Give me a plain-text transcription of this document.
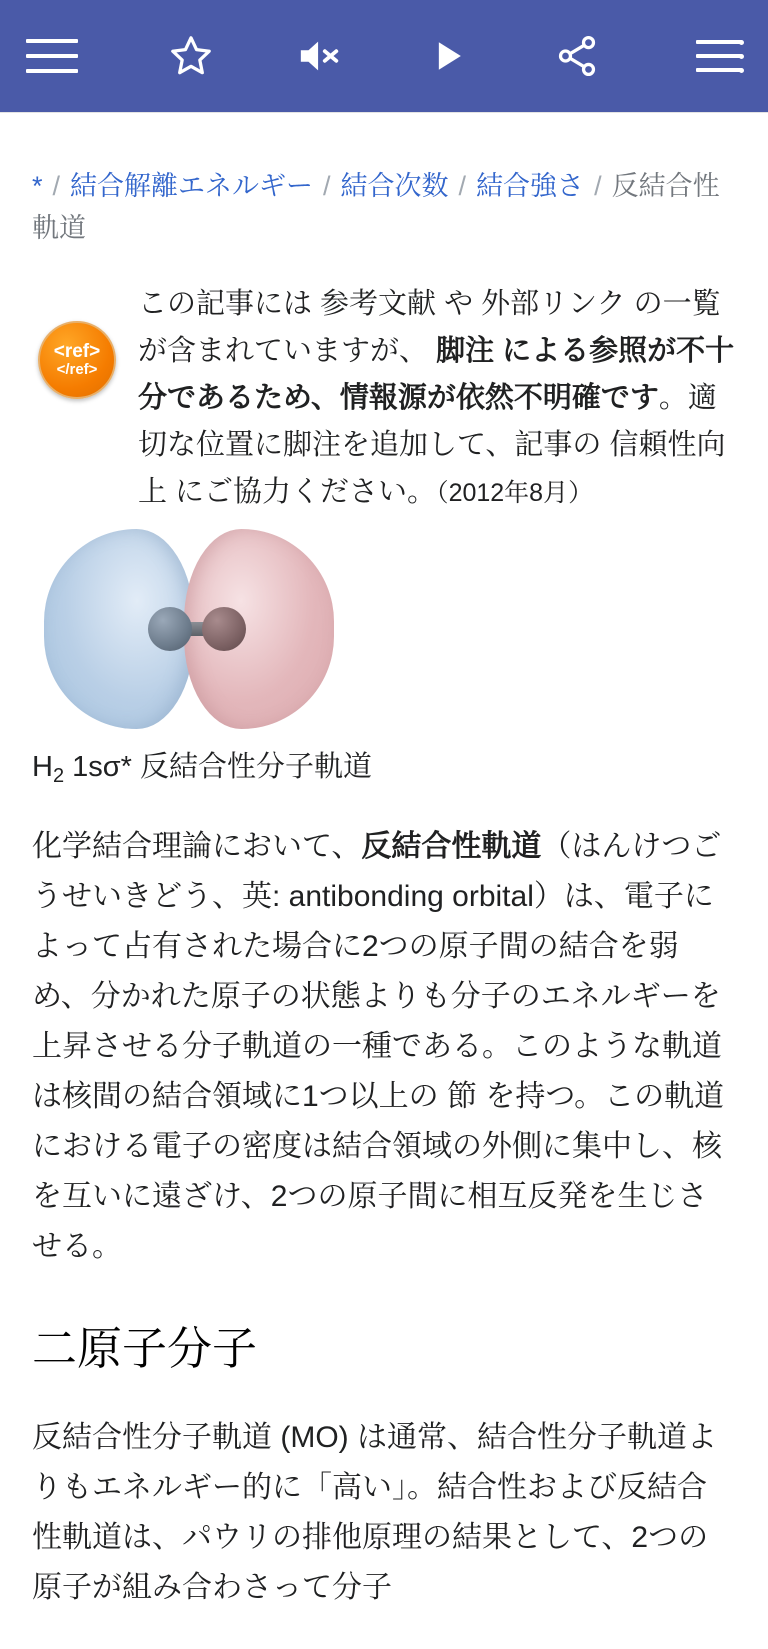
* / 結合解離エネルギー / 結合次数 / 結合強さ / 反結合性軌道
<ref>
</ref>
この記事には 参考文献 や 外部リンク の一覧が含まれていますが、 脚注 による参照が不十分であるため、情報源が依然不明確です。適切な位置に脚注を追加して、記事の 信頼性向上 にご協力ください。（2012年8月）
$H_2$ 1sσ* 反結合性分子軌道

化学結合理論において、反結合性軌道（はんけつごうせいきどう、英: antibonding orbital）は、電子によって占有された場合に2つの原子間の結合を弱め、分かれた原子の状態よりも分子のエネルギーを上昇させる分子軌道の一種である。このような軌道は核間の結合領域に1つ以上の 節 を持つ。この軌道における電子の密度は結合領域の外側に集中し、核を互いに遠ざけ、2つの原子間に相互反発を生じさせる。

二原子分子

反結合性分子軌道 (MO) は通常、結合性分子軌道よりもエネルギー的に「高い」。結合性および反結合性軌道は、パウリの排他原理の結果として、2つの原子が組み合わさって分子
